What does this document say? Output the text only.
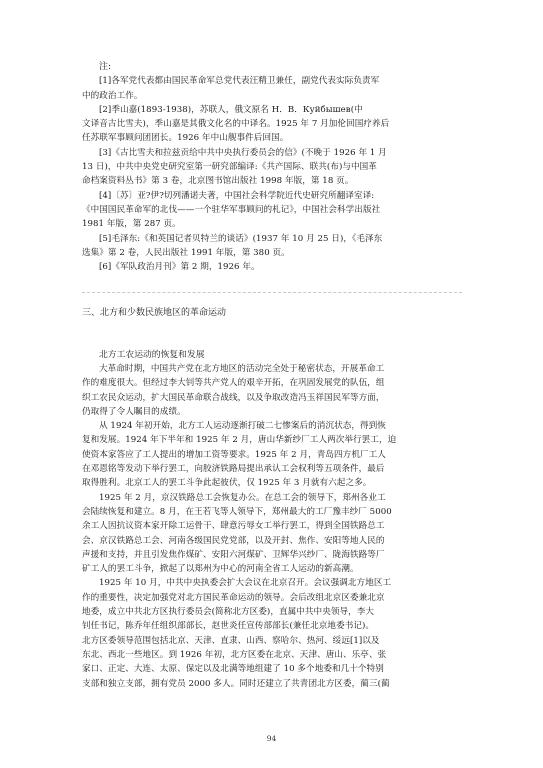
注:
[1]各军党代表都由国民革命军总党代表汪精卫兼任，副党代表实际负责军
中的政治工作。
[2]季山嘉(1893-1938)，苏联人，俄文原名 Н．В．Куйбышев(中
文译音古比雪夫)，季山嘉是其俄文化名的中译名。1925 年 7 月加伦回国疗养后
任苏联军事顾问团团长。1926 年中山舰事件后回国。
[3]《古比雪夫和拉兹贡给中共中央执行委员会的信》(不晚于 1926 年 1 月
13 日)，中共中央党史研究室第一研究部编译:《共产国际、联共(布)与中国革
命档案资料丛书》第 3 卷，北京图书馆出版社 1998 年版，第 18 页。
[4]〔苏〕亚?伊?切列潘诺夫著，中国社会科学院近代史研究所翻译室译:
《中国国民革命军的北伐——一个驻华军事顾问的札记》，中国社会科学出版社
1981 年版，第 287 页。
[5]毛泽东:《和英国记者贝特兰的谈话》(1937 年 10 月 25 日)，《毛泽东
选集》第 2 卷，人民出版社 1991 年版，第 380 页。
[6]《军队政治月刊》第 2 期，1926 年。
三、北方和少数民族地区的革命运动
北方工农运动的恢复和发展
大革命时期，中国共产党在北方地区的活动完全处于秘密状态，开展革命工
作的难度很大。但经过李大钊等共产党人的艰辛开拓，在巩固发展党的队伍，组
织工农民众运动，扩大国民革命联合战线，以及争取改造冯玉祥国民军等方面，
仍取得了令人瞩目的成绩。
从 1924 年初开始，北方工人运动逐渐打破二七惨案后的消沉状态，得到恢
复和发展。1924 年下半年和 1925 年 2 月，唐山华新纱厂工人两次举行罢工，迫
使资本家答应了工人提出的增加工资等要求。1925 年 2 月，青岛四方机厂工人
在邓恩铭等发动下举行罢工，向胶济铁路局提出承认工会权利等五项条件，最后
取得胜利。北京工人的罢工斗争此起彼伏，仅 1925 年 3 月就有六起之多。
1925 年 2 月，京汉铁路总工会恢复办公。在总工会的领导下，郑州各业工
会陆续恢复和建立。8 月，在王若飞等人领导下，郑州最大的工厂豫丰纱厂 5000
余工人因抗议资本家开除工运骨干、肆意污辱女工举行罢工，得到全国铁路总工
会、京汉铁路总工会、河南各级国民党党部，以及开封、焦作、安阳等地人民的
声援和支持，并且引发焦作煤矿、安阳六河煤矿、卫辉华兴纱厂、陇海铁路等厂
矿工人的罢工斗争，掀起了以郑州为中心的河南全省工人运动的新高潮。
1925 年 10 月，中共中央执委会扩大会议在北京召开。会议强调北方地区工
作的重要性，决定加强党对北方国民革命运动的领导。会后改组北京区委兼北京
地委，成立中共北方区执行委员会(简称北方区委)，直属中共中央领导，李大
钊任书记，陈乔年任组织部部长，赵世炎任宣传部部长(兼任北京地委书记)。
北方区委领导范围包括北京、天津、直隶、山西、察哈尔、热河、绥远[1]以及
东北、西北一些地区。到 1926 年初，北方区委在北京、天津、唐山、乐亭、张
家口、正定、大连、太原、保定以及北满等地组建了 10 多个地委和几十个特别
支部和独立支部，拥有党员 2000 多人。同时还建立了共青团北方区委，蔺三(蔺
94
